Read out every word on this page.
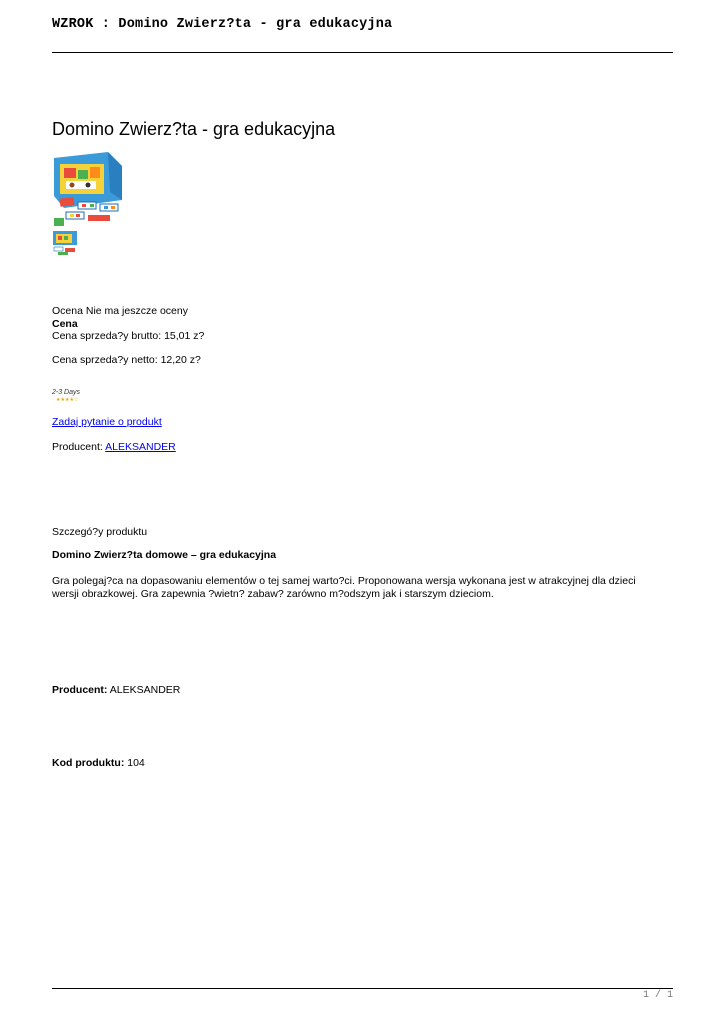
WZROK : Domino Zwierz?ta - gra edukacyjna
Domino Zwierz?ta - gra edukacyjna
Ocena Nie ma jeszcze oceny
Cena
Cena sprzeda?y brutto: 15,01 z?
Cena sprzeda?y netto: 12,20 z?
2-3 Days
★★★★☆
Zadaj pytanie o produkt
Producent: ALEKSANDER
Szczegó?y produktu
Domino Zwierz?ta domowe – gra edukacyjna
Gra polegaj?ca na dopasowaniu elementów o tej samej warto?ci. Proponowana wersja wykonana jest w atrakcyjnej dla dzieci wersji obrazkowej. Gra zapewnia ?wietn? zabaw? zarówno m?odszym jak i starszym dzieciom.
Producent: ALEKSANDER
Kod produktu: 104
1 / 1
